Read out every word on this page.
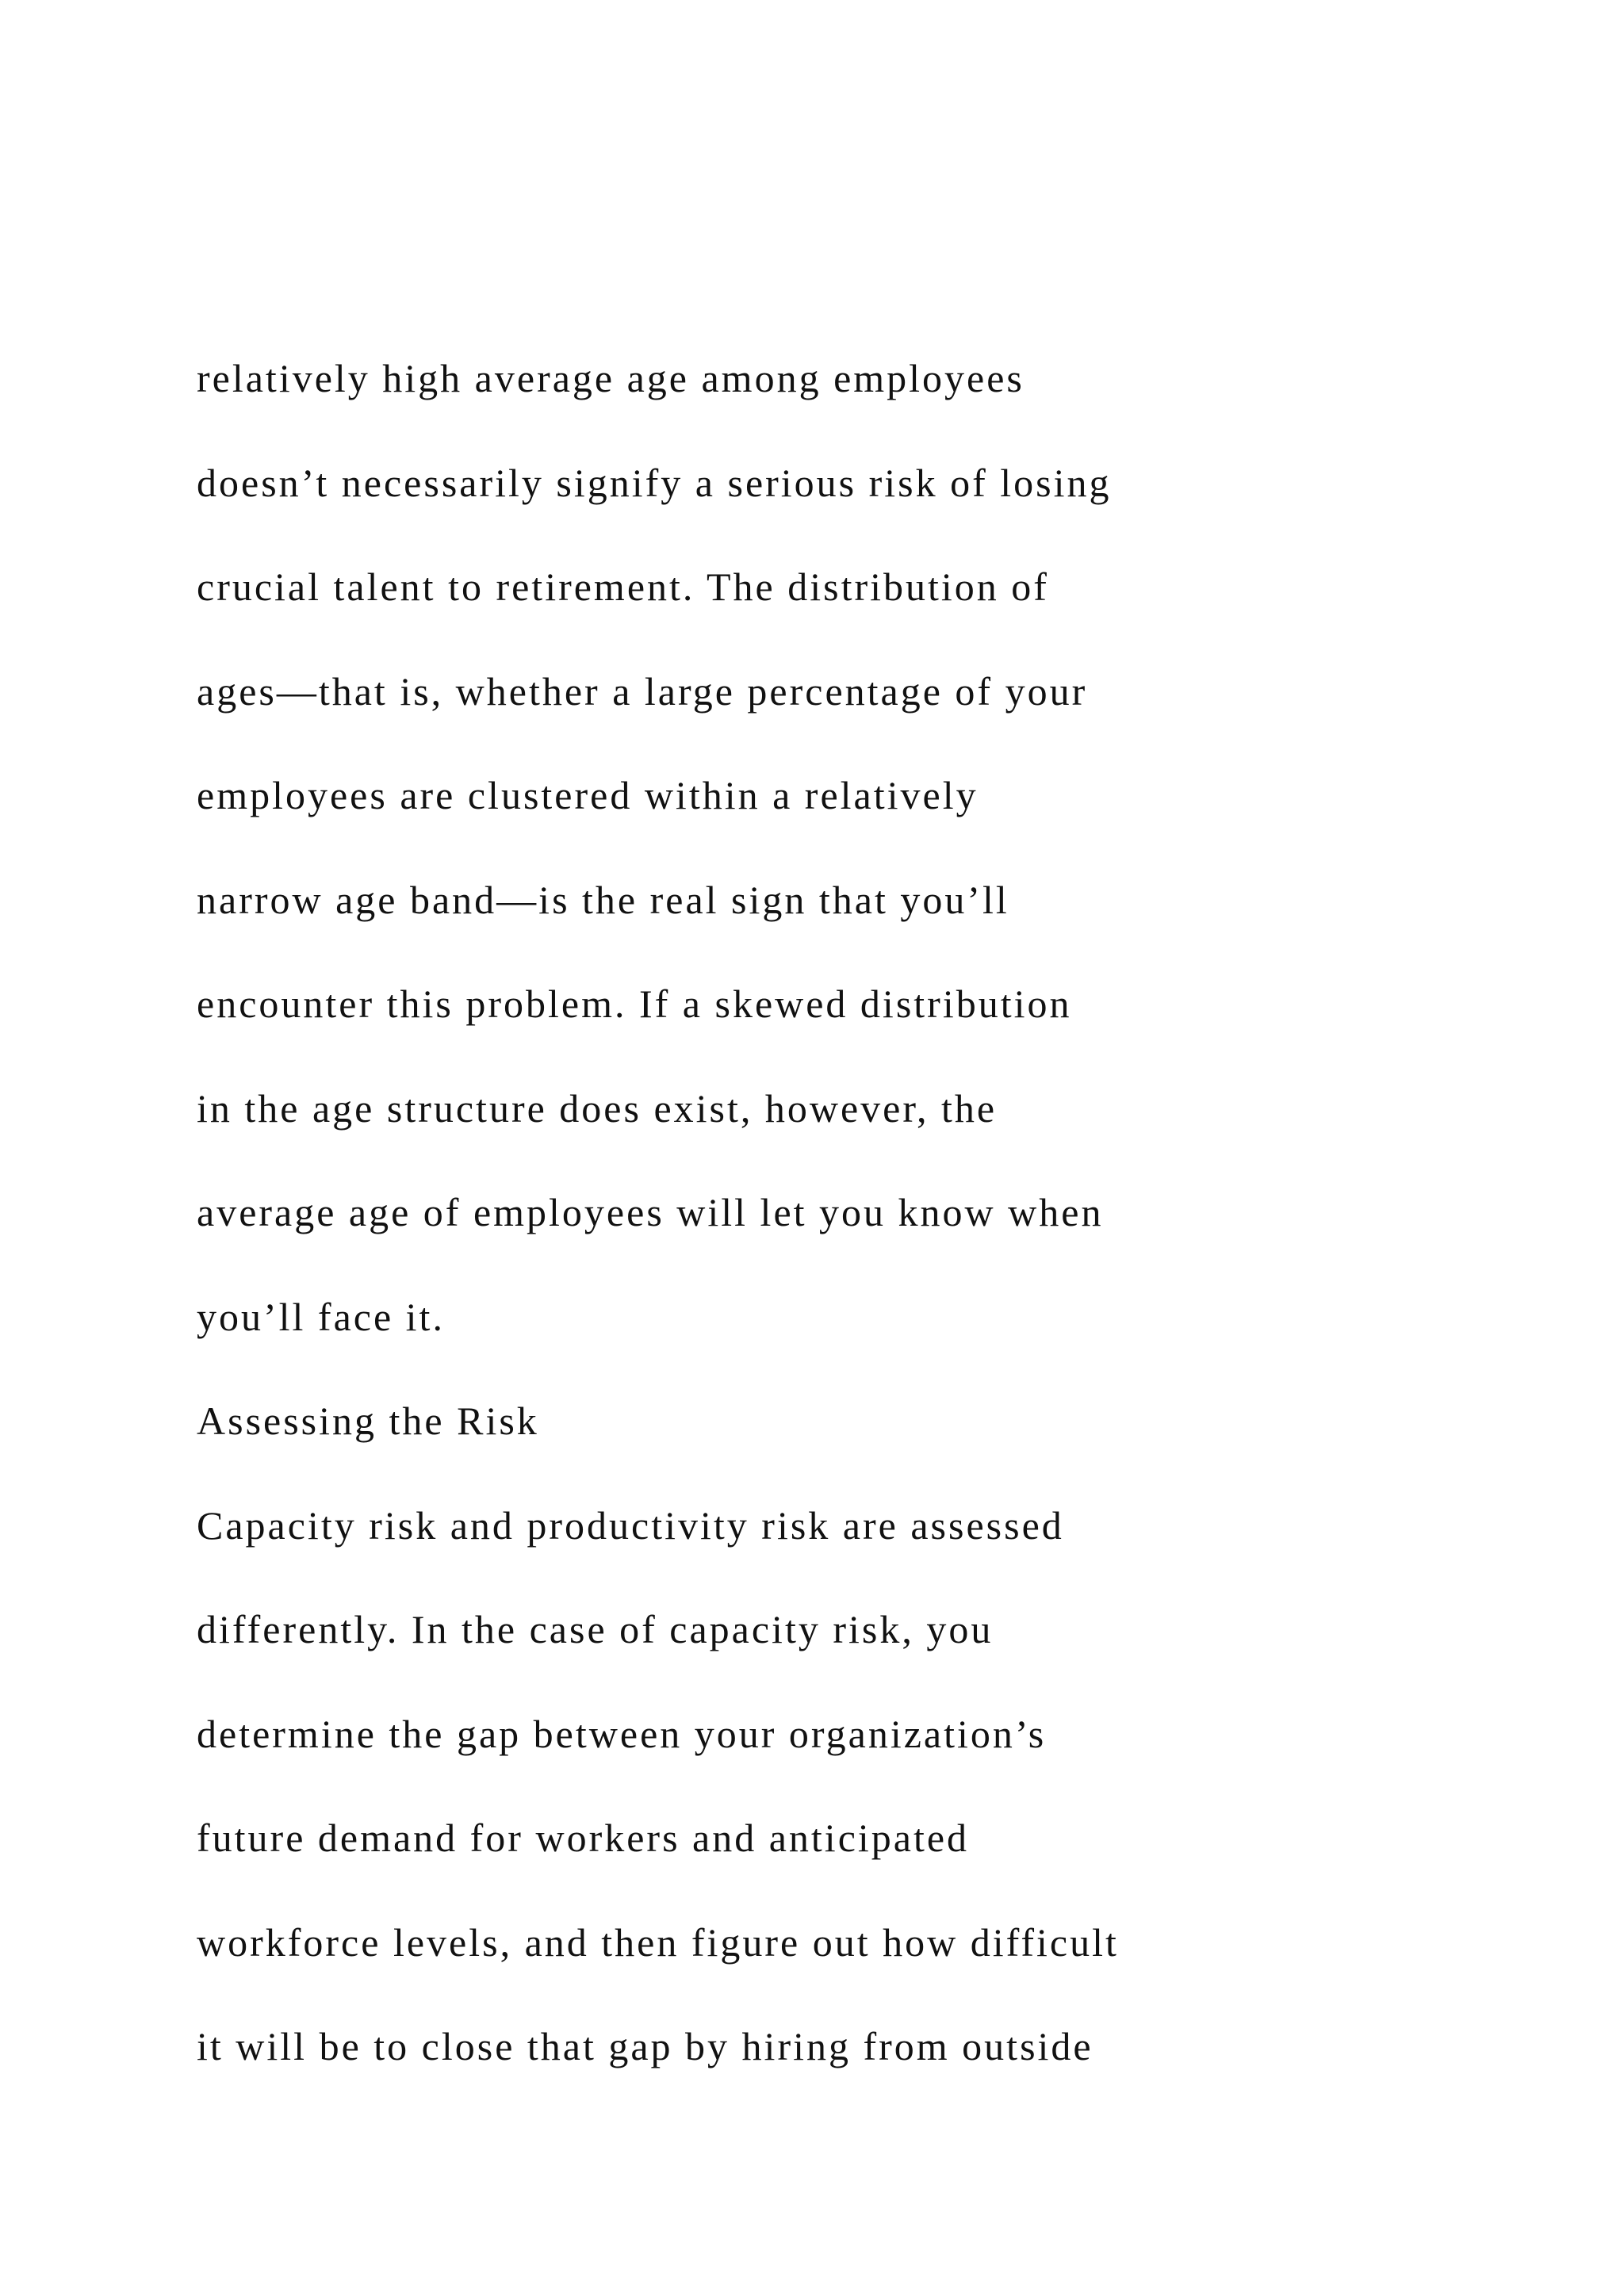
relatively high average age among employees
doesn’t necessarily signify a serious risk of losing
crucial talent to retirement. The distribution of
ages—that is, whether a large percentage of your
employees are clustered within a relatively
narrow age band—is the real sign that you’ll
encounter this problem. If a skewed distribution
in the age structure does exist, however, the
average age of employees will let you know when
you’ll face it.
Assessing the Risk
Capacity risk and productivity risk are assessed
differently. In the case of capacity risk, you
determine the gap between your organization’s
future demand for workers and anticipated
workforce levels, and then figure out how difficult
it will be to close that gap by hiring from outside
